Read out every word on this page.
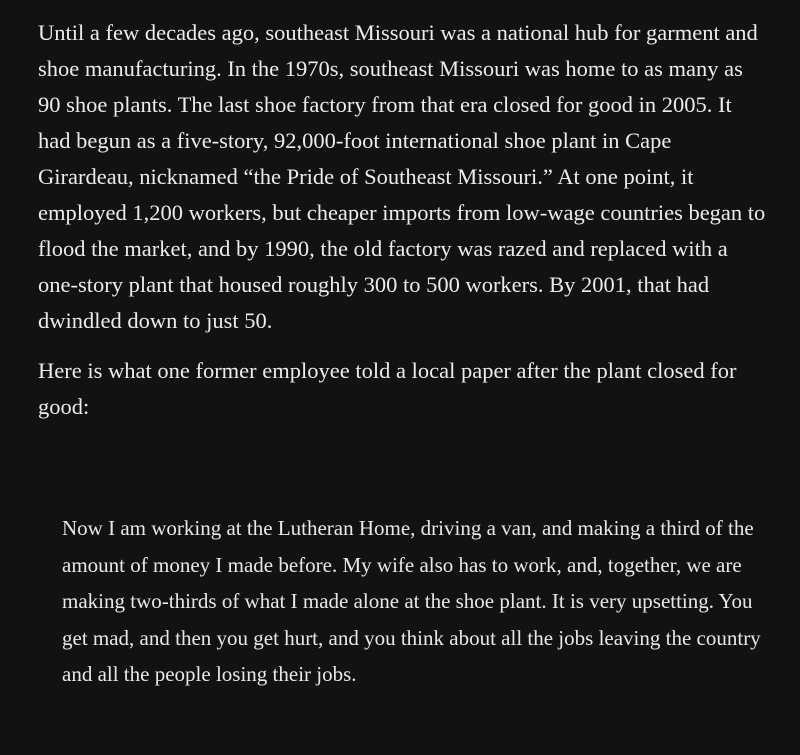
Until a few decades ago, southeast Missouri was a national hub for garment and shoe manufacturing. In the 1970s, southeast Missouri was home to as many as 90 shoe plants. The last shoe factory from that era closed for good in 2005. It had begun as a five-story, 92,000-foot international shoe plant in Cape Girardeau, nicknamed “the Pride of Southeast Missouri.” At one point, it employed 1,200 workers, but cheaper imports from low-wage countries began to flood the market, and by 1990, the old factory was razed and replaced with a one-story plant that housed roughly 300 to 500 workers. By 2001, that had dwindled down to just 50.

Here is what one former employee told a local paper after the plant closed for good:

Now I am working at the Lutheran Home, driving a van, and making a third of the amount of money I made before. My wife also has to work, and, together, we are making two-thirds of what I made alone at the shoe plant. It is very upsetting. You get mad, and then you get hurt, and you think about all the jobs leaving the country and all the people losing their jobs.
